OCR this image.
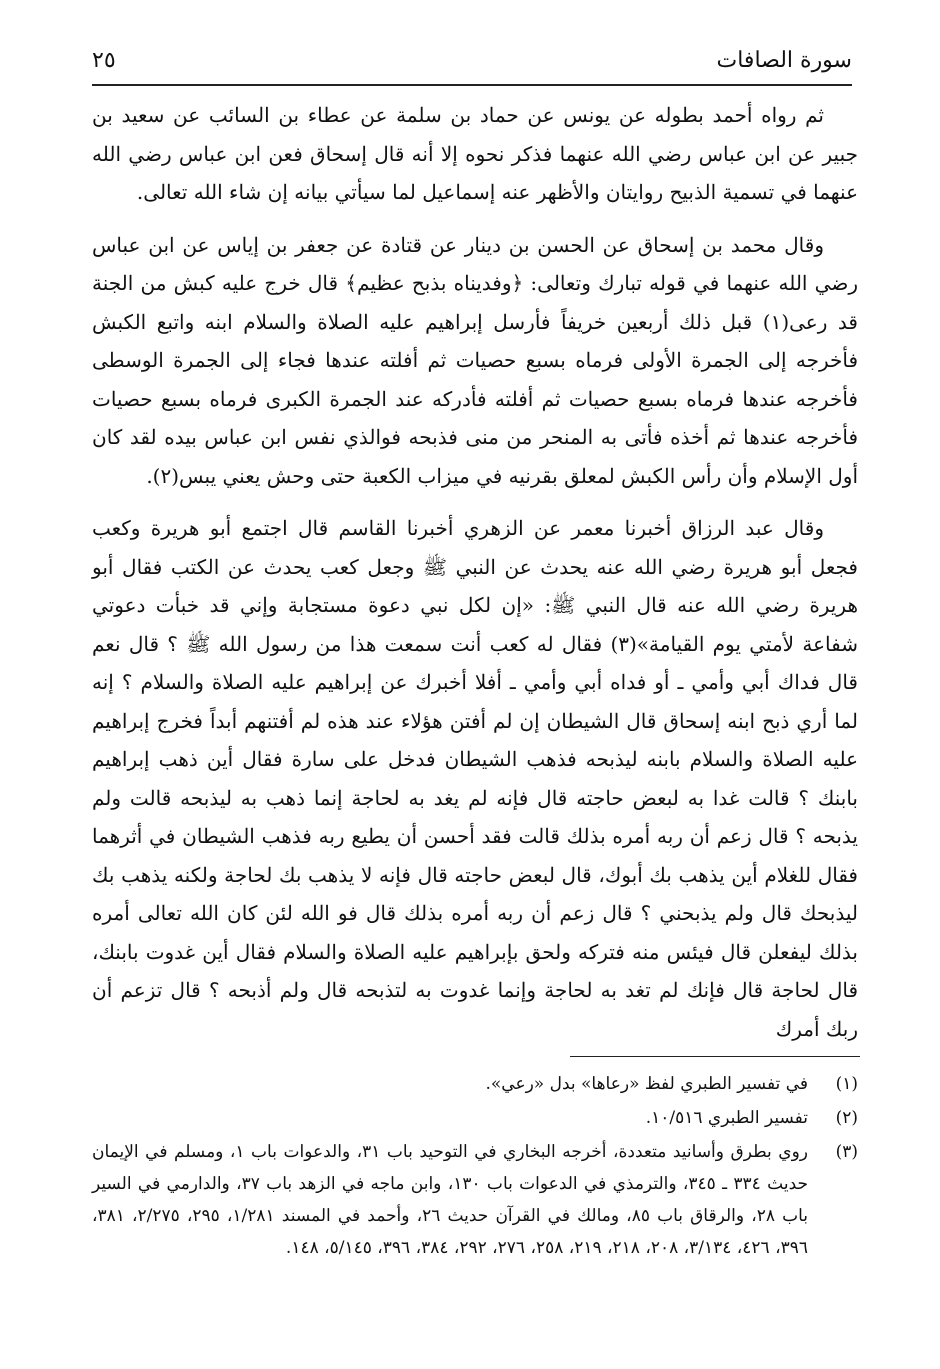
سورة الصافات
٢٥

ثم رواه أحمد بطوله عن يونس عن حماد بن سلمة عن عطاء بن السائب عن سعيد بن جبير عن ابن عباس رضي الله عنهما فذكر نحوه إلا أنه قال إسحاق فعن ابن عباس رضي الله عنهما في تسمية الذبيح روايتان والأظهر عنه إسماعيل لما سيأتي بيانه إن شاء الله تعالى.

وقال محمد بن إسحاق عن الحسن بن دينار عن قتادة عن جعفر بن إياس عن ابن عباس رضي الله عنهما في قوله تبارك وتعالى: ﴿وفديناه بذبح عظيم﴾ قال خرج عليه كبش من الجنة قد رعى(١) قبل ذلك أربعين خريفاً فأرسل إبراهيم عليه الصلاة والسلام ابنه واتبع الكبش فأخرجه إلى الجمرة الأولى فرماه بسبع حصيات ثم أفلته عندها فجاء إلى الجمرة الوسطى فأخرجه عندها فرماه بسبع حصيات ثم أفلته فأدركه عند الجمرة الكبرى فرماه بسبع حصيات فأخرجه عندها ثم أخذه فأتى به المنحر من منى فذبحه فوالذي نفس ابن عباس بيده لقد كان أول الإسلام وأن رأس الكبش لمعلق بقرنيه في ميزاب الكعبة حتى وحش يعني يبس(٢).

وقال عبد الرزاق أخبرنا معمر عن الزهري أخبرنا القاسم قال اجتمع أبو هريرة وكعب فجعل أبو هريرة رضي الله عنه يحدث عن النبي ﷺ وجعل كعب يحدث عن الكتب فقال أبو هريرة رضي الله عنه قال النبي ﷺ: «إن لكل نبي دعوة مستجابة وإني قد خبأت دعوتي شفاعة لأمتي يوم القيامة»(٣) فقال له كعب أنت سمعت هذا من رسول الله ﷺ ؟ قال نعم قال فداك أبي وأمي ـ أو فداه أبي وأمي ـ أفلا أخبرك عن إبراهيم عليه الصلاة والسلام ؟ إنه لما أري ذبح ابنه إسحاق قال الشيطان إن لم أفتن هؤلاء عند هذه لم أفتنهم أبداً فخرج إبراهيم عليه الصلاة والسلام بابنه ليذبحه فذهب الشيطان فدخل على سارة فقال أين ذهب إبراهيم بابنك ؟ قالت غدا به لبعض حاجته قال فإنه لم يغد به لحاجة إنما ذهب به ليذبحه قالت ولم يذبحه ؟ قال زعم أن ربه أمره بذلك قالت فقد أحسن أن يطيع ربه فذهب الشيطان في أثرهما فقال للغلام أين يذهب بك أبوك، قال لبعض حاجته قال فإنه لا يذهب بك لحاجة ولكنه يذهب بك ليذبحك قال ولم يذبحني ؟ قال زعم أن ربه أمره بذلك قال فو الله لئن كان الله تعالى أمره بذلك ليفعلن قال فيئس منه فتركه ولحق بإبراهيم عليه الصلاة والسلام فقال أين غدوت بابنك، قال لحاجة قال فإنك لم تغد به لحاجة وإنما غدوت به لتذبحه قال ولم أذبحه ؟ قال تزعم أن ربك أمرك

(١)
في تفسير الطبري لفظ «رعاها» بدل «رعي».
(٢)
تفسير الطبري ١٠/٥١٦.
(٣)
روي بطرق وأسانيد متعددة، أخرجه البخاري في التوحيد باب ٣١، والدعوات باب ١، ومسلم في الإيمان حديث ٣٣٤ ـ ٣٤٥، والترمذي في الدعوات باب ١٣٠، وابن ماجه في الزهد باب ٣٧، والدارمي في السير باب ٢٨، والرقاق باب ٨٥، ومالك في القرآن حديث ٢٦، وأحمد في المسند ١/٢٨١، ٢٩٥، ٢/٢٧٥، ٣٨١، ٣٩٦، ٤٢٦، ٣/١٣٤، ٢٠٨، ٢١٨، ٢١٩، ٢٥٨، ٢٧٦، ٢٩٢، ٣٨٤، ٣٩٦، ٥/١٤٥، ١٤٨.
